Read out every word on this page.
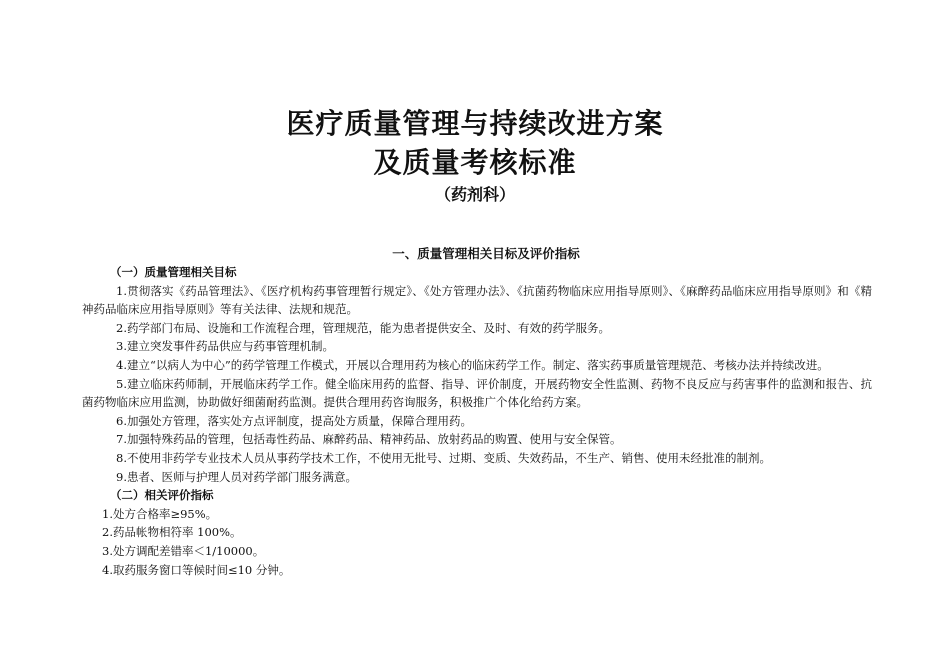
医疗质量管理与持续改进方案
及质量考核标准
（药剂科）
一、质量管理相关目标及评价指标

（一）质量管理相关目标

1.贯彻落实《药品管理法》、《医疗机构药事管理暂行规定》、《处方管理办法》、《抗菌药物临床应用指导原则》、《麻醉药品临床应用指导原则》和《精神药品临床应用指导原则》等有关法律、法规和规范。

2.药学部门布局、设施和工作流程合理，管理规范，能为患者提供安全、及时、有效的药学服务。

3.建立突发事件药品供应与药事管理机制。

4.建立“以病人为中心”的药学管理工作模式，开展以合理用药为核心的临床药学工作。制定、落实药事质量管理规范、考核办法并持续改进。

5.建立临床药师制，开展临床药学工作。健全临床用药的监督、指导、评价制度，开展药物安全性监测、药物不良反应与药害事件的监测和报告、抗菌药物临床应用监测，协助做好细菌耐药监测。提供合理用药咨询服务，积极推广个体化给药方案。

6.加强处方管理，落实处方点评制度，提高处方质量，保障合理用药。

7.加强特殊药品的管理，包括毒性药品、麻醉药品、精神药品、放射药品的购置、使用与安全保管。

8.不使用非药学专业技术人员从事药学技术工作，不使用无批号、过期、变质、失效药品，不生产、销售、使用未经批准的制剂。

9.患者、医师与护理人员对药学部门服务满意。

（二）相关评价指标

1.处方合格率≥95%。

2.药品帐物相符率 100%。

3.处方调配差错率＜1/10000。

4.取药服务窗口等候时间≤10 分钟。
